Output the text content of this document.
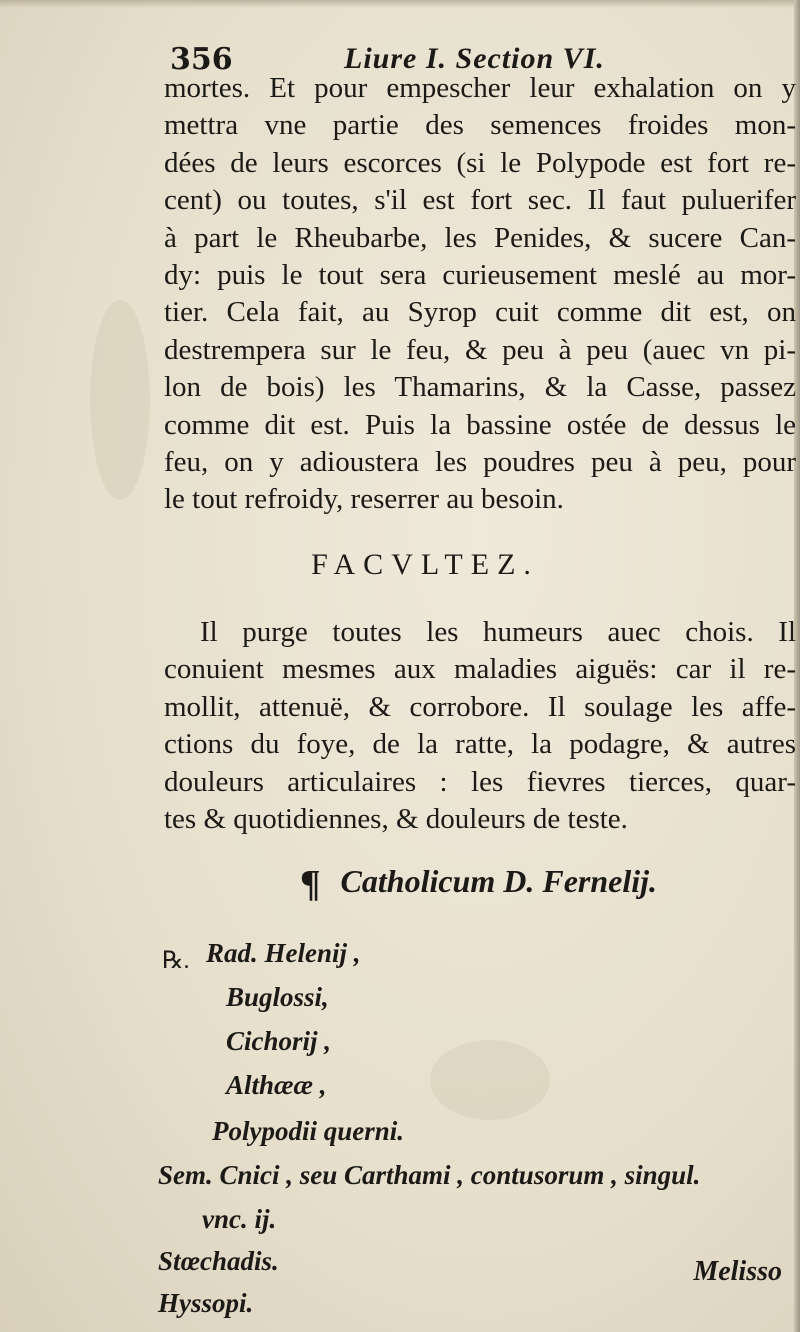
356	Liure I. Section VI.
mortes. Et pour empescher leur exhalation on y
mettra vne partie des semences froides mon-
dées de leurs escorces (si le Polypode est fort re-
cent) ou toutes, s'il est fort sec. Il faut puluerifer
à part le Rheubarbe, les Penides, & sucere Can-
dy: puis le tout sera curieusement meslé au mor-
tier. Cela fait, au Syrop cuit comme dit est, on
destrempera sur le feu, & peu à peu (auec vn pi-
lon de bois) les Thamarins, & la Casse, passez
comme dit est. Puis la bassine ostée de dessus le
feu, on y adioustera les poudres peu à peu, pour
le tout refroidy, reserrer au besoin.
FACVLTEZ.
Il purge toutes les humeurs auec chois. Il
conuient mesmes aux maladies aiguës: car il re-
mollit, attenuë, & corrobore. Il soulage les affe-
ctions du foye, de la ratte, la podagre, & autres
douleurs articulaires : les fievres tierces, quar-
tes & quotidiennes, & douleurs de teste.
¶ Catholicum D. Fernelij.
℞. Rad. Helenij ,
Buglossi,
Cichorij ,
Althææ ,
Polypodii querni.
Sem. Cnici , seu Carthami , contusorum , singul.
vnc. ij.
Stœchadis.
Hyssopi.
Melisso
